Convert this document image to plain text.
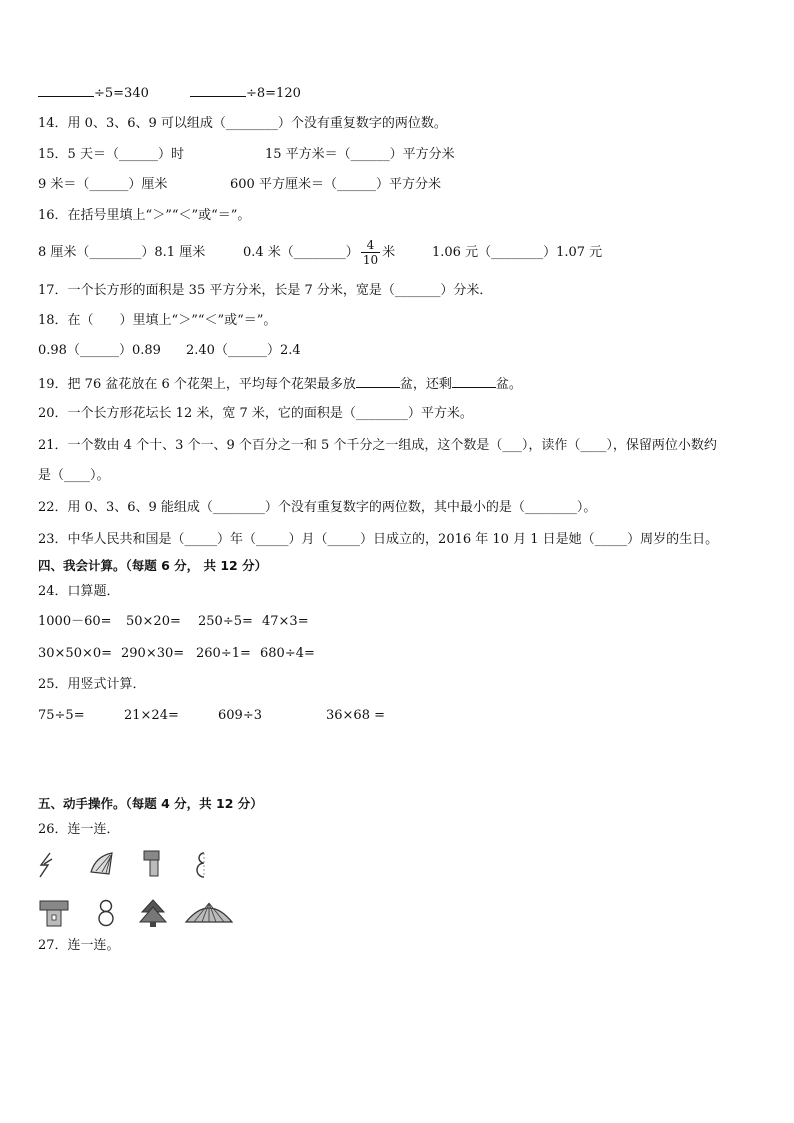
÷5=340	÷8=120
14．用 0、3、6、9 可以组成（________）个没有重复数字的两位数。
15．5 天＝（______）时	15 平方米＝（______）平方分米
9 米＝（______）厘米	600 平方厘米＝（______）平方分米
16．在括号里填上“＞”“＜”或“＝”。
8 厘米（________）8.1 厘米	0.4 米（________） $\frac{4}{10}$ 米	1.06 元（________）1.07 元
17．一个长方形的面积是 35 平方分米，长是 7 分米，宽是（_______）分米．
18．在（　　）里填上“＞”“＜”或“＝”。
0.98（______）0.89 2.40（______）2.4
19．把 76 盆花放在 6 个花架上，平均每个花架最多放	盆，还剩	盆。
20．一个长方形花坛长 12 米，宽 7 米，它的面积是（________）平方米。
21．一个数由 4 个十、3 个一、9 个百分之一和 5 个千分之一组成，这个数是（___），读作（____），保留两位小数约
是（____）。
22．用 0、3、6、9 能组成（________）个没有重复数字的两位数，其中最小的是（________）。
23．中华人民共和国是（_____）年（_____）月（_____）日成立的，2016 年 10 月 1 日是她（_____）周岁的生日。
四、我会计算。（每题 6 分， 共 12 分）
24．口算题．
1000－60= 50×20= 250÷5= 47×3=
30×50×0= 290×30= 260÷1= 680÷4=
25．用竖式计算．
75÷5=	21×24=	609÷3	36×68 =
五、动手操作。（每题 4 分，共 12 分）
26．连一连．
27．连一连。
